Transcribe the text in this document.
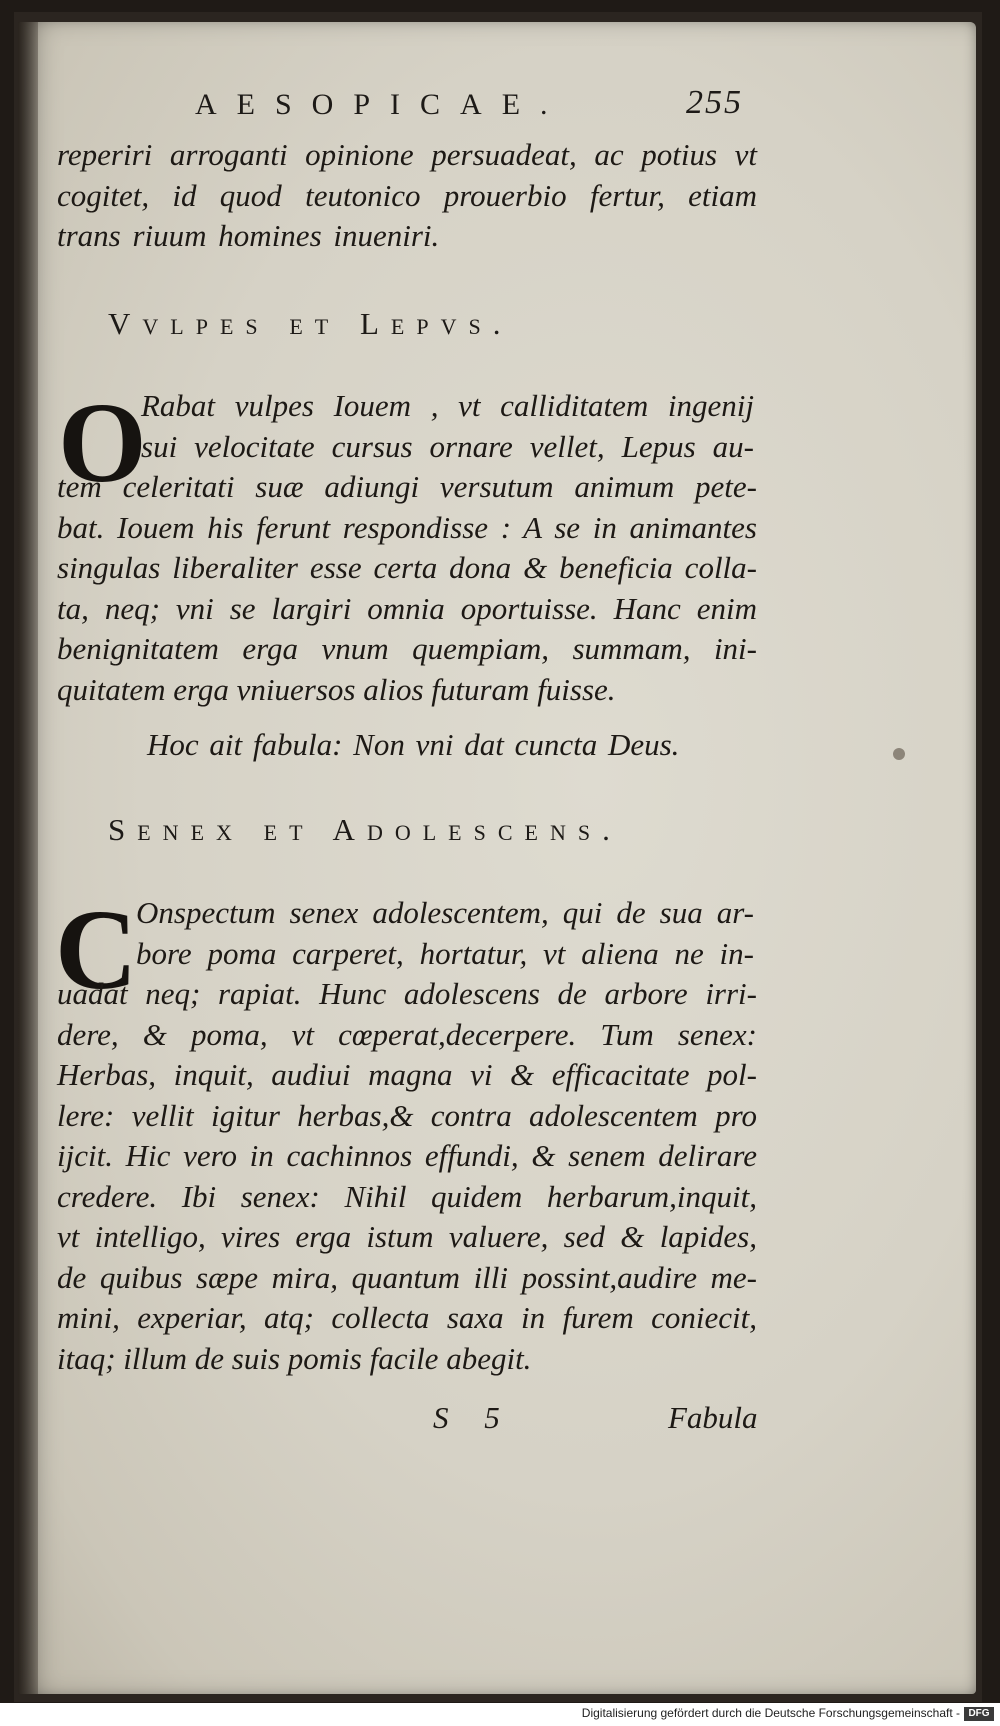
AESOPICAE.	255
reperiri arroganti opinione persuadeat, ac potius vt
cogitet, id quod teutonico prouerbio fertur, etiam
trans riuum homines inueniri.
Vvlpes et Lepvs.
O
Rabat vulpes Iouem , vt calliditatem ingenij
sui velocitate cursus ornare vellet, Lepus au-
tem celeritati suæ adiungi versutum animum pete-
bat. Iouem his ferunt respondisse : A se in animantes
singulas liberaliter esse certa dona & beneficia colla-
ta, neq; vni se largiri omnia oportuisse. Hanc enim
benignitatem erga vnum quempiam, summam, ini-
quitatem erga vniuersos alios futuram fuisse.
Hoc ait fabula: Non vni dat cuncta Deus.
Senex et Adolescens.
C
Onspectum senex adolescentem, qui de sua ar-
bore poma carperet, hortatur, vt aliena ne in-
uadat neq; rapiat. Hunc adolescens de arbore irri-
dere, & poma, vt cœperat,decerpere. Tum senex:
Herbas, inquit, audiui magna vi & efficacitate pol-
lere: vellit igitur herbas,& contra adolescentem pro
ijcit. Hic vero in cachinnos effundi, & senem delirare
credere. Ibi senex: Nihil quidem herbarum,inquit,
vt intelligo, vires erga istum valuere, sed & lapides,
de quibus sæpe mira, quantum illi possint,audire me-
mini, experiar, atq; collecta saxa in furem coniecit,
itaq; illum de suis pomis facile abegit.
S 5	Fabula
Digitalisierung gefördert durch die Deutsche Forschungsgemeinschaft - DFG
